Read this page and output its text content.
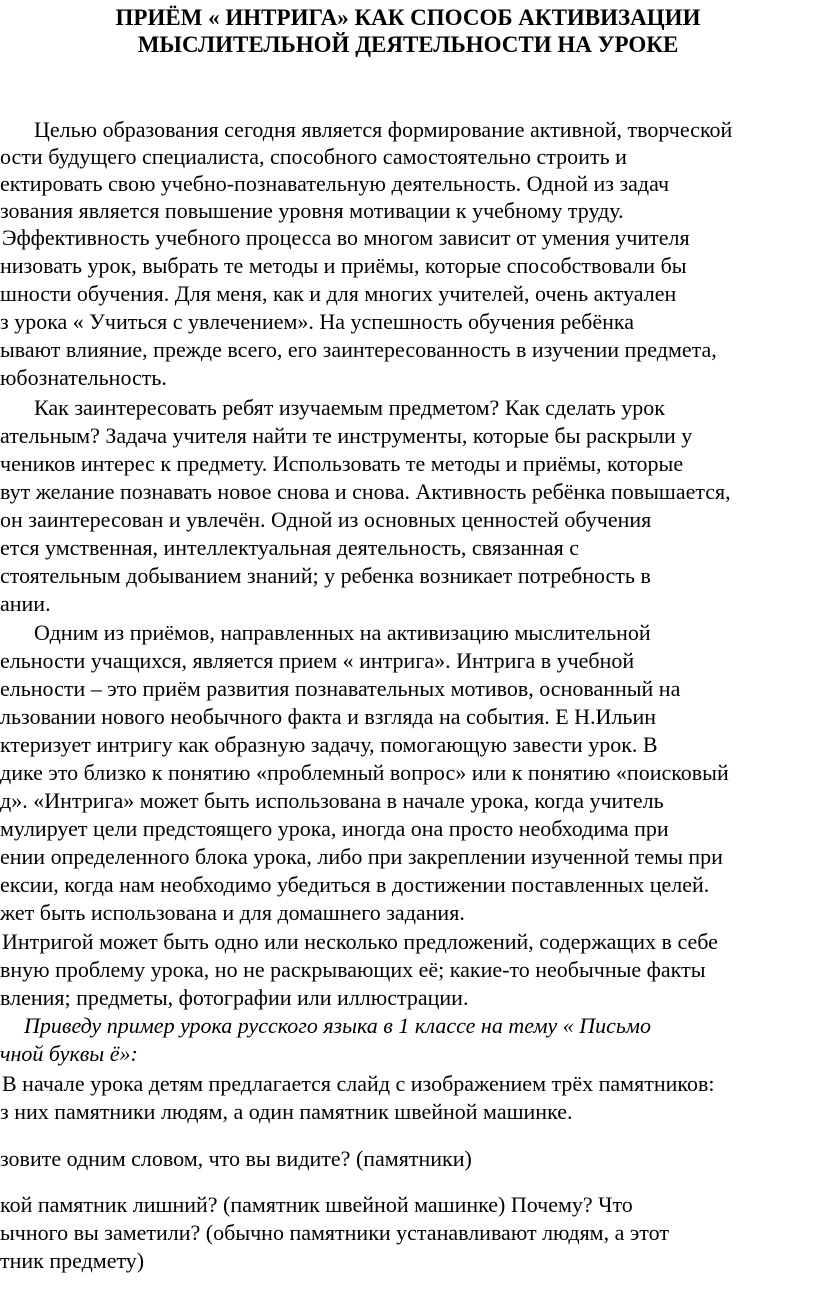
ПРИЁМ « ИНТРИГА» КАК СПОСОБ АКТИВИЗАЦИИ
МЫСЛИТЕЛЬНОЙ ДЕЯТЕЛЬНОСТИ НА УРОКЕ
Целью образования сегодня является формирование активной, творческой
ости будущего специалиста, способного самостоятельно строить и
ектировать свою учебно-познавательную деятельность. Одной из задач
зования является повышение уровня мотивации к учебному труду.
Эффективность учебного процесса во многом зависит от умения учителя
низовать урок, выбрать те методы и приёмы, которые способствовали бы
шности обучения. Для меня, как и для многих учителей, очень актуален
з урока « Учиться с увлечением». На успешность обучения ребёнка
ывают влияние, прежде всего, его заинтересованность в изучении предмета,
юбознательность.
Как заинтересовать ребят изучаемым предметом? Как сделать урок
ательным? Задача учителя найти те инструменты, которые бы раскрыли у
чеников интерес к предмету. Использовать те методы и приёмы, которые
вут желание познавать новое снова и снова. Активность ребёнка повышается,
он заинтересован и увлечён. Одной из основных ценностей обучения
ется умственная, интеллектуальная деятельность, связанная с
стоятельным добыванием знаний; у ребенка возникает потребность в
ании.
Одним из приёмов, направленных на активизацию мыслительной
ельности учащихся, является прием « интрига». Интрига в учебной
ельности – это приём развития познавательных мотивов, основанный на
льзовании нового необычного факта и взгляда на события. Е Н.Ильин
ктеризует интригу как образную задачу, помогающую завести урок. В
дике это близко к понятию «проблемный вопрос» или к понятию «поисковый
д». «Интрига» может быть использована в начале урока, когда учитель
мулирует цели предстоящего урока, иногда она просто необходима при
ении определенного блока урока, либо при закреплении изученной темы при
ексии, когда нам необходимо убедиться в достижении поставленных целей.
жет быть использована и для домашнего задания.
Интригой может быть одно или несколько предложений, содержащих в себе
вную проблему урока, но не раскрывающих её; какие-то необычные факты
вления; предметы, фотографии или иллюстрации.
Приведу пример урока русского языка в 1 классе на тему « Письмо
чной буквы ё»:
В начале урока детям предлагается слайд с изображением трёх памятников:
з них памятники людям, а один памятник швейной машинке.
зовите одним словом, что вы видите? (памятники)
кой памятник лишний? (памятник швейной машинке) Почему? Что
ычного вы заметили? (обычно памятники устанавливают людям, а этот
тник предмету)
